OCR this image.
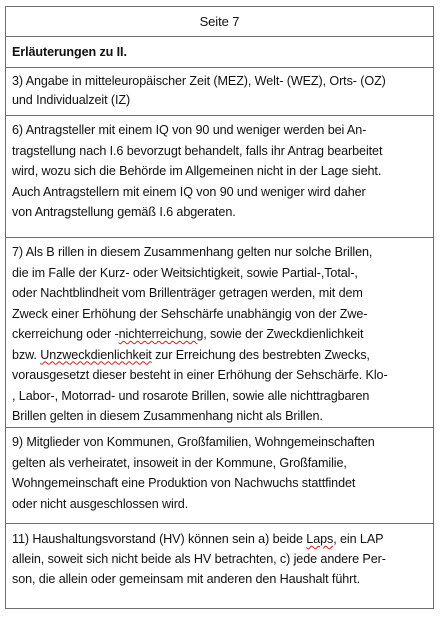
Seite 7
Erläuterungen zu II.
3) Angabe in mitteleuropäischer Zeit (MEZ), Welt- (WEZ), Orts- (OZ)
und Individualzeit (IZ)
6) Antragsteller mit einem IQ von 90 und weniger werden bei An-
tragstellung nach I.6 bevorzugt behandelt, falls ihr Antrag bearbeitet
wird, wozu sich die Behörde im Allgemeinen nicht in der Lage sieht.
Auch Antragstellern mit einem IQ von 90 und weniger wird daher
von Antragstellung gemäß I.6 abgeraten.
7) Als B rillen in diesem Zusammenhang gelten nur solche Brillen,
die im Falle der Kurz- oder Weitsichtigkeit, sowie Partial-,Total-,
oder Nachtblindheit vom Brillenträger getragen werden, mit dem
Zweck einer Erhöhung der Sehschärfe unabhängig von der Zwe-
ckerreichung oder -nichterreichung, sowie der Zweckdienlichkeit
bzw. Unzweckdienlichkeit zur Erreichung des bestrebten Zwecks,
vorausgesetzt dieser besteht in einer Erhöhung der Sehschärfe. Klo-
, Labor-, Motorrad- und rosarote Brillen, sowie alle nichttragbaren
Brillen gelten in diesem Zusammenhang nicht als Brillen.
9) Mitglieder von Kommunen, Großfamilien, Wohngemeinschaften
gelten als verheiratet, insoweit in der Kommune, Großfamilie,
Wohngemeinschaft eine Produktion von Nachwuchs stattfindet
oder nicht ausgeschlossen wird.
11) Haushaltungsvorstand (HV) können sein a) beide Laps, ein LAP
allein, soweit sich nicht beide als HV betrachten, c) jede andere Per-
son, die allein oder gemeinsam mit anderen den Haushalt führt.
